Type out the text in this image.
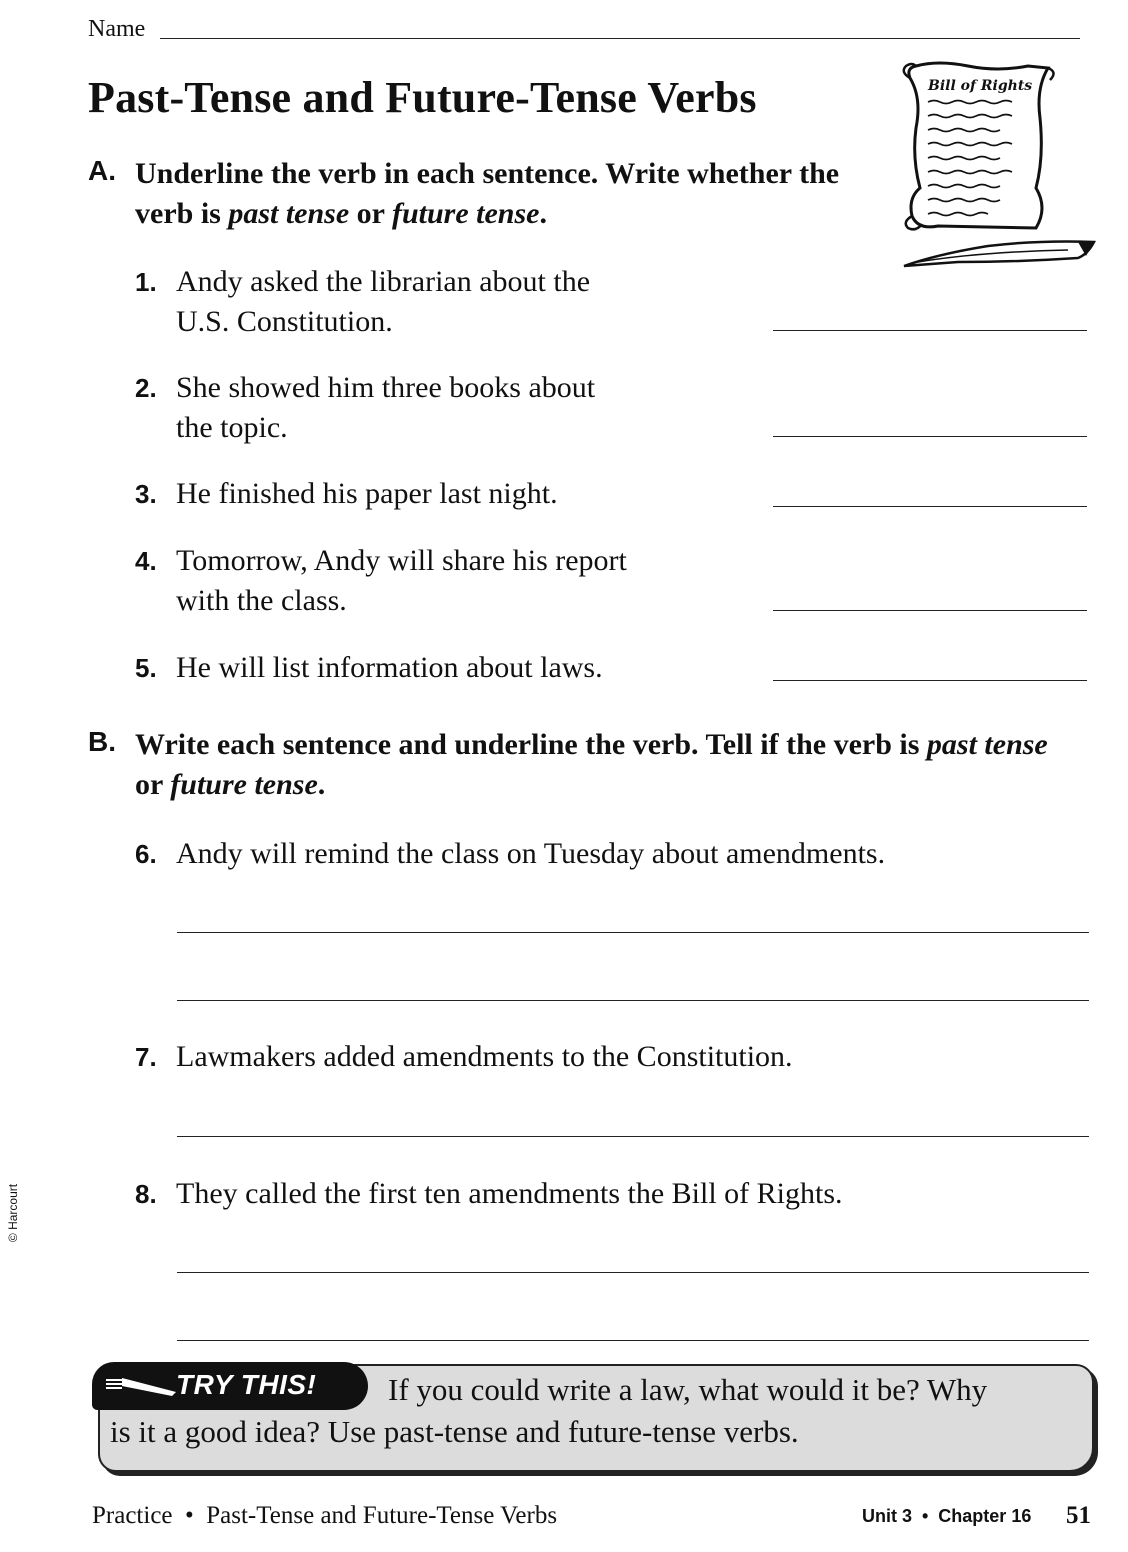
Name
Past-Tense and Future-Tense Verbs	Bill of Rights
A. Underline the verb in each sentence. Write whether the verb is past tense or future tense.
1. Andy asked the librarian about the
U.S. Constitution.
2. She showed him three books about
the topic.
3. He finished his paper last night.
4. Tomorrow, Andy will share his report
with the class.
5. He will list information about laws.
B. Write each sentence and underline the verb. Tell if the verb is past tense or future tense.
6. Andy will remind the class on Tuesday about amendments.
7. Lawmakers added amendments to the Constitution.
8. They called the first ten amendments the Bill of Rights.
TRY THIS! If you could write a law, what would it be? Why
is it a good idea? Use past-tense and future-tense verbs.
© Harcourt
Practice  •  Past-Tense and Future-Tense Verbs	Unit 3  •  Chapter 16 51
